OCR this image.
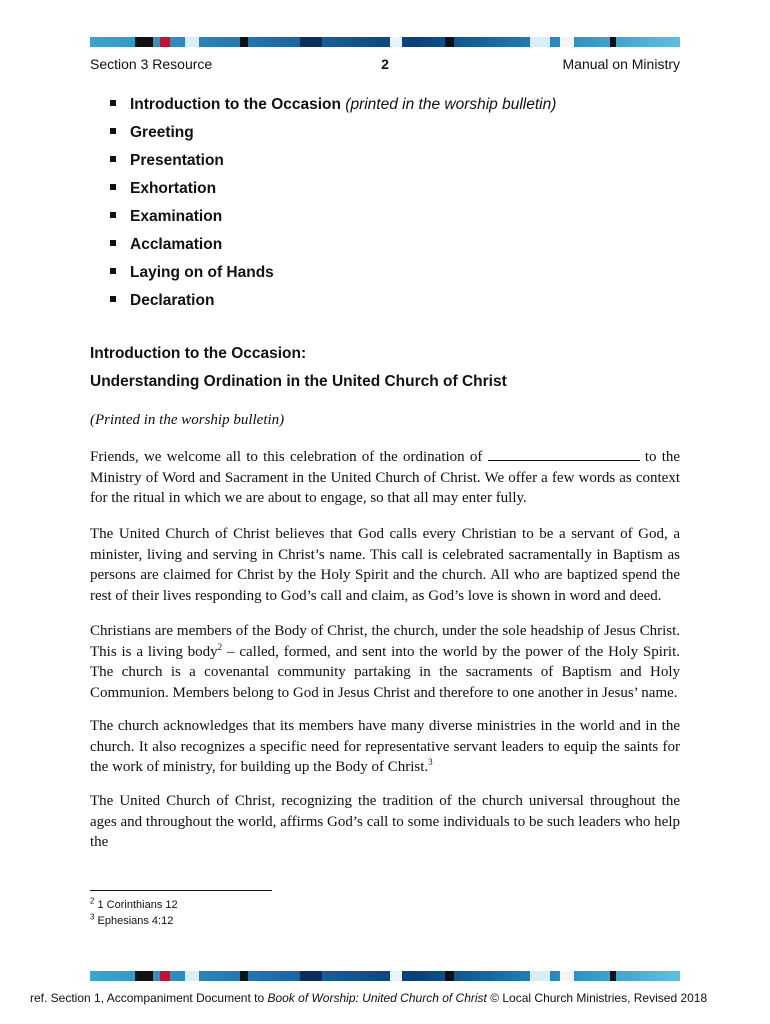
Section 3 Resource	2	Manual on Ministry
Introduction to the Occasion (printed in the worship bulletin)
Greeting
Presentation
Exhortation
Examination
Acclamation
Laying on of Hands
Declaration
Introduction to the Occasion:
Understanding Ordination in the United Church of Christ
(Printed in the worship bulletin)

Friends, we welcome all to this celebration of the ordination of	to the Ministry of Word and Sacrament in the United Church of Christ. We offer a few words as context for the ritual in which we are about to engage, so that all may enter fully.

The United Church of Christ believes that God calls every Christian to be a servant of God, a minister, living and serving in Christ’s name. This call is celebrated sacramentally in Baptism as persons are claimed for Christ by the Holy Spirit and the church. All who are baptized spend the rest of their lives responding to God’s call and claim, as God’s love is shown in word and deed.

Christians are members of the Body of Christ, the church, under the sole headship of Jesus Christ. This is a living body$^2$ – called, formed, and sent into the world by the power of the Holy Spirit. The church is a covenantal community partaking in the sacraments of Baptism and Holy Communion. Members belong to God in Jesus Christ and therefore to one another in Jesus’ name.

The church acknowledges that its members have many diverse ministries in the world and in the church. It also recognizes a specific need for representative servant leaders to equip the saints for the work of ministry, for building up the Body of Christ.$^3$

The United Church of Christ, recognizing the tradition of the church universal throughout the ages and throughout the world, affirms God’s call to some individuals to be such leaders who help the

$^2$ 1 Corinthians 12
$^3$ Ephesians 4:12
ref. Section 1, Accompaniment Document to Book of Worship: United Church of Christ © Local Church Ministries, Revised 2018
